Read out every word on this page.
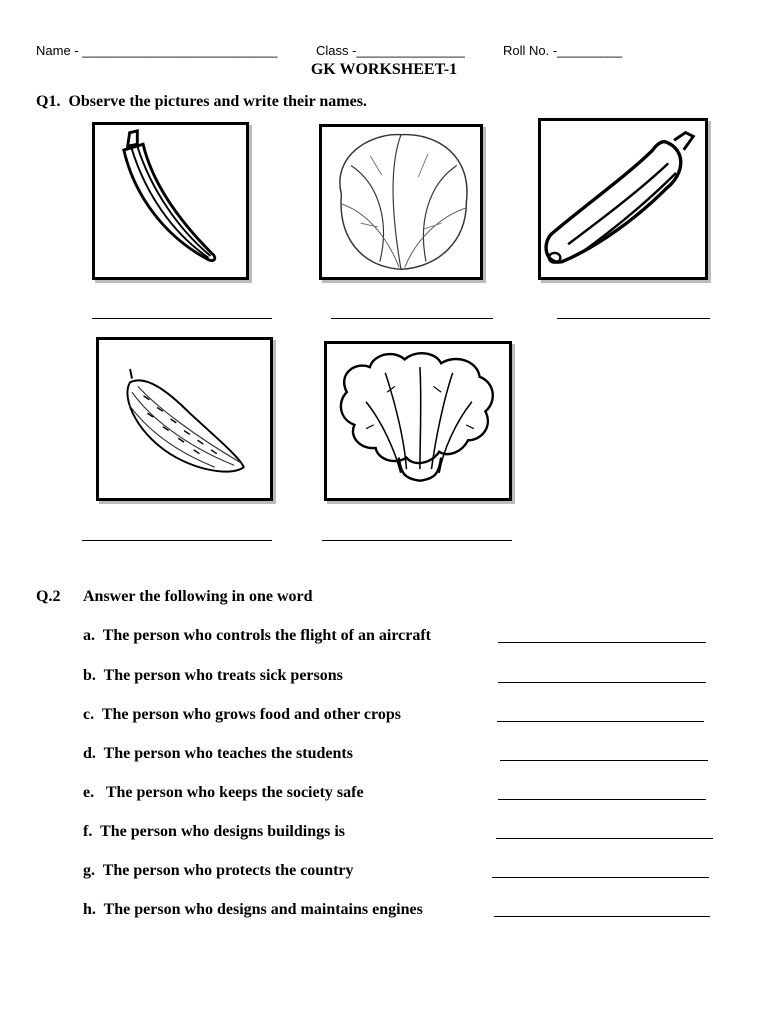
Name - ___________________________	Class -_______________	Roll No. -_________
GK WORKSHEET-1
Q1.  Observe the pictures and write their names.
Q.2 Answer the following in one word
a.  The person who controls the flight of an aircraft
b.  The person who treats sick persons
c.  The person who grows food and other crops
d.  The person who teaches the students
e.   The person who keeps the society safe
f.  The person who designs buildings is
g.  The person who protects the country
h.  The person who designs and maintains engines
